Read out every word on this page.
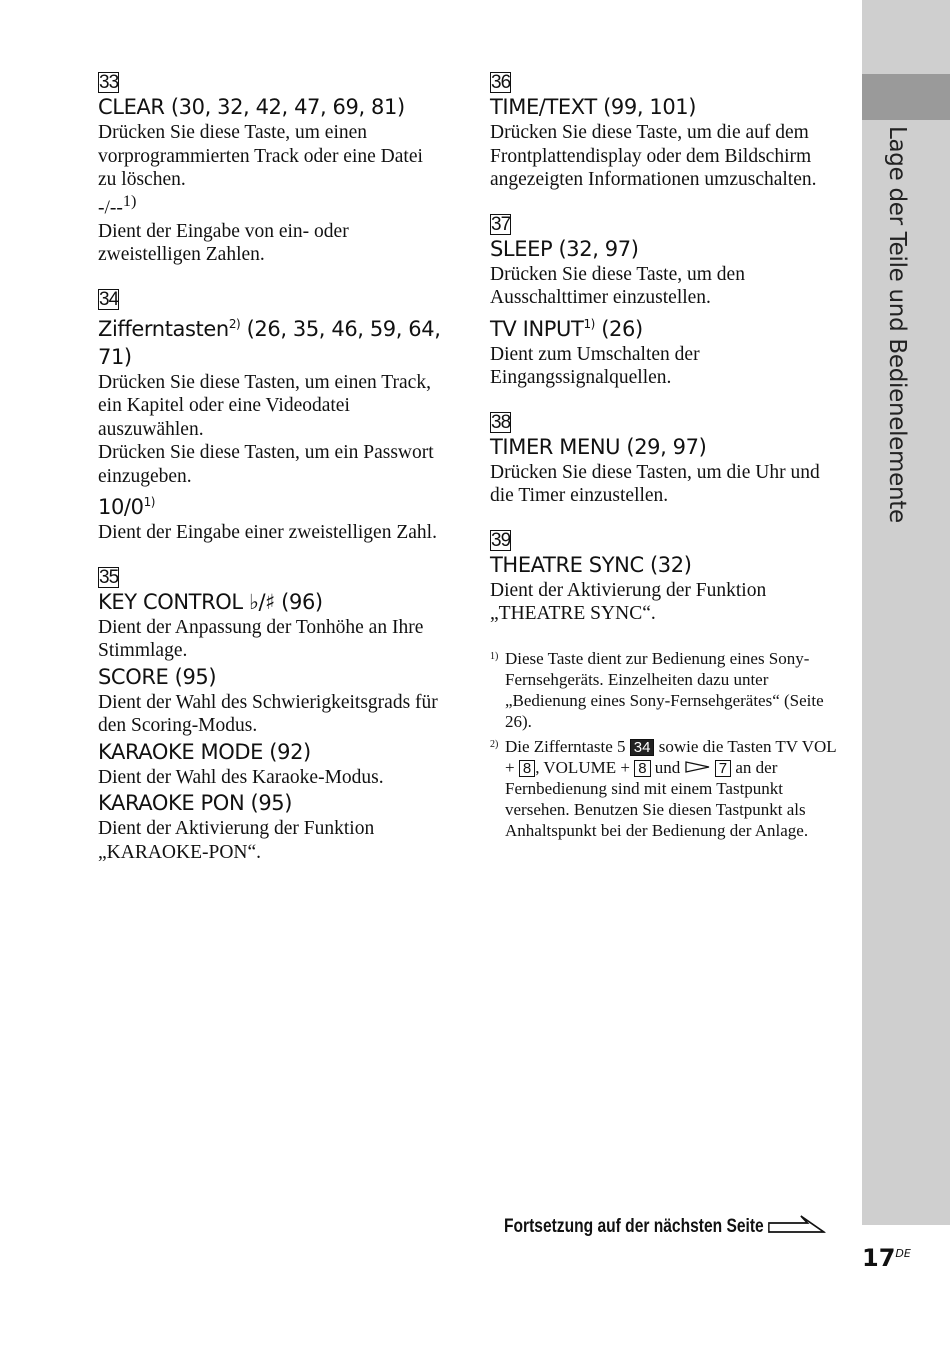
Lage der Teile und Bedienelemente
33
CLEAR (30, 32, 42, 47, 69, 81)
Drücken Sie diese Taste, um einen vorprogrammierten Track oder eine Datei zu löschen.
-/--$^{1)}$
Dient der Eingabe von ein- oder zweistelligen Zahlen.
34
Zifferntasten$^{2)}$ (26, 35, 46, 59, 64, 71)
Drücken Sie diese Tasten, um einen Track, ein Kapitel oder eine Videodatei auszuwählen.
Drücken Sie diese Tasten, um ein Passwort einzugeben.
10/0$^{1)}$
Dient der Eingabe einer zweistelligen Zahl.
35
KEY CONTROL ♭/♯ (96)
Dient der Anpassung der Tonhöhe an Ihre Stimmlage.
SCORE (95)
Dient der Wahl des Schwierigkeitsgrads für den Scoring-Modus.
KARAOKE MODE (92)
Dient der Wahl des Karaoke-Modus.
KARAOKE PON (95)
Dient der Aktivierung der Funktion „KARAOKE-PON“.
36
TIME/TEXT (99, 101)
Drücken Sie diese Taste, um die auf dem Frontplattendisplay oder dem Bildschirm angezeigten Informationen umzuschalten.
37
SLEEP (32, 97)
Drücken Sie diese Taste, um den Ausschalttimer einzustellen.
TV INPUT$^{1)}$ (26)
Dient zum Umschalten der Eingangssignalquellen.
38
TIMER MENU (29, 97)
Drücken Sie diese Tasten, um die Uhr und die Timer einzustellen.
39
THEATRE SYNC (32)
Dient der Aktivierung der Funktion „THEATRE SYNC“.
1) Diese Taste dient zur Bedienung eines Sony-Fernsehgeräts. Einzelheiten dazu unter „Bedienung eines Sony-Fernsehgerätes“ (Seite 26).
2) Die Zifferntaste 5 34 sowie die Tasten TV VOL + 8 , VOLUME + 8 und  7 an der Fernbedienung sind mit einem Tastpunkt versehen. Benutzen Sie diesen Tastpunkt als Anhaltspunkt bei der Bedienung der Anlage.
Fortsetzung auf der nächsten Seite
17DE
